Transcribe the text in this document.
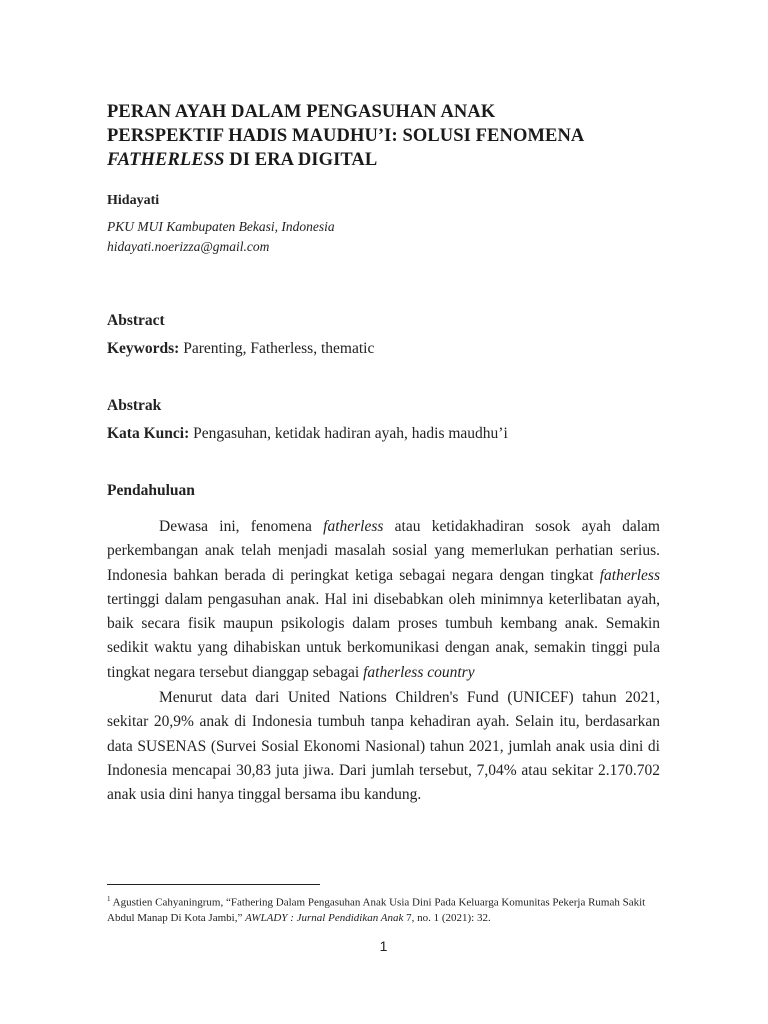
PERAN AYAH DALAM PENGASUHAN ANAK
PERSPEKTIF HADIS MAUDHU’I: SOLUSI FENOMENA
FATHERLESS DI ERA DIGITAL
Hidayati
PKU MUI Kambupaten Bekasi, Indonesia
hidayati.noerizza@gmail.com
Abstract
Keywords: Parenting, Fatherless, thematic
Abstrak
Kata Kunci: Pengasuhan, ketidak hadiran ayah, hadis maudhu’i
Pendahuluan
Dewasa ini, fenomena fatherless atau ketidakhadiran sosok ayah dalam perkembangan anak telah menjadi masalah sosial yang memerlukan perhatian serius. Indonesia bahkan berada di peringkat ketiga sebagai negara dengan tingkat fatherless tertinggi dalam pengasuhan anak. Hal ini disebabkan oleh minimnya keterlibatan ayah, baik secara fisik maupun psikologis dalam proses tumbuh kembang anak. Semakin sedikit waktu yang dihabiskan untuk berkomunikasi dengan anak, semakin tinggi pula tingkat negara tersebut dianggap sebagai fatherless country
Menurut data dari United Nations Children's Fund (UNICEF) tahun 2021, sekitar 20,9% anak di Indonesia tumbuh tanpa kehadiran ayah. Selain itu, berdasarkan data SUSENAS (Survei Sosial Ekonomi Nasional) tahun 2021, jumlah anak usia dini di Indonesia mencapai 30,83 juta jiwa. Dari jumlah tersebut, 7,04% atau sekitar 2.170.702 anak usia dini hanya tinggal bersama ibu kandung.
$^1$ Agustien Cahyaningrum, “Fathering Dalam Pengasuhan Anak Usia Dini Pada Keluarga Komunitas Pekerja Rumah Sakit Abdul Manap Di Kota Jambi,” AWLADY : Jurnal Pendidikan Anak 7, no. 1 (2021): 32.
1
